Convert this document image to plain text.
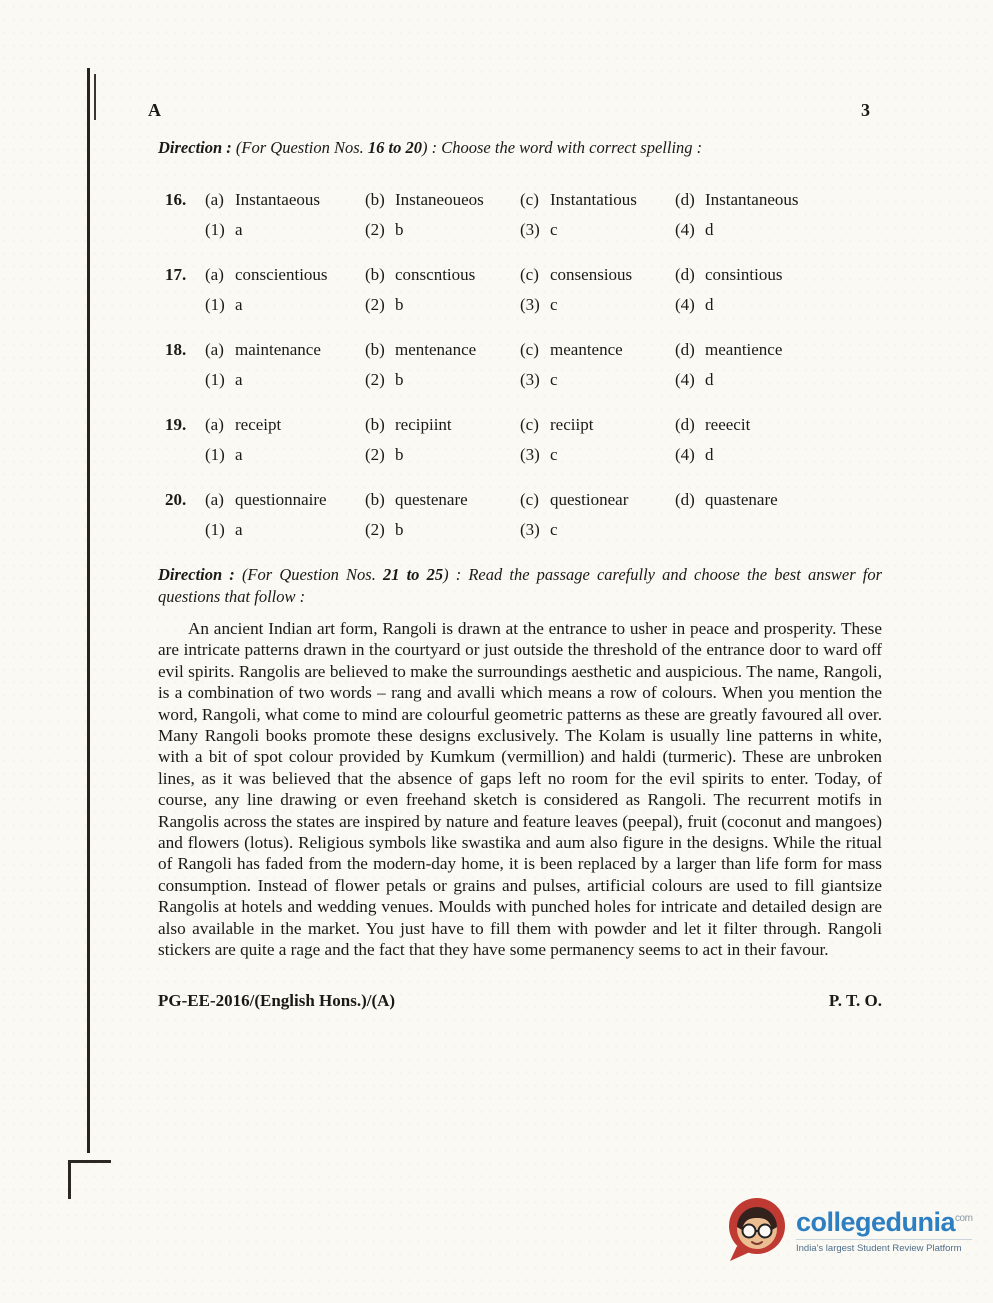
A	3

Direction : (For Question Nos. 16 to 20) : Choose the word with correct spelling :

16.	(a) Instantaeous	(b) Instaneoueos	(c) Instantatious	(d) Instantaneous
(1) a	(2) b	(3) c	(4) d
17.	(a) conscientious	(b) conscntious	(c) consensious	(d) consintious
(1) a	(2) b	(3) c	(4) d
18.	(a) maintenance	(b) mentenance	(c) meantence	(d) meantience
(1) a	(2) b	(3) c	(4) d
19.	(a) receipt	(b) recipiint	(c) reciipt	(d) reeecit
(1) a	(2) b	(3) c	(4) d
20.	(a) questionnaire	(b) questenare	(c) questionear	(d) quastenare
(1) a	(2) b	(3) c

Direction : (For Question Nos. 21 to 25) : Read the passage carefully and choose the best answer for questions that follow :

An ancient Indian art form, Rangoli is drawn at the entrance to usher in peace and prosperity. These are intricate patterns drawn in the courtyard or just outside the threshold of the entrance door to ward off evil spirits. Rangolis are believed to make the surroundings aesthetic and auspicious. The name, Rangoli, is a combination of two words – rang and avalli which means a row of colours. When you mention the word, Rangoli, what come to mind are colourful geometric patterns as these are greatly favoured all over. Many Rangoli books promote these designs exclusively. The Kolam is usually line patterns in white, with a bit of spot colour provided by Kumkum (vermillion) and haldi (turmeric). These are unbroken lines, as it was believed that the absence of gaps left no room for the evil spirits to enter. Today, of course, any line drawing or even freehand sketch is considered as Rangoli. The recurrent motifs in Rangolis across the states are inspired by nature and feature leaves (peepal), fruit (coconut and mangoes) and flowers (lotus). Religious symbols like swastika and aum also figure in the designs. While the ritual of Rangoli has faded from the modern-day home, it is been replaced by a larger than life form for mass consumption. Instead of flower petals or grains and pulses, artificial colours are used to fill giantsize Rangolis at hotels and wedding venues. Moulds with punched holes for intricate and detailed design are also available in the market. You just have to fill them with powder and let it filter through. Rangoli stickers are quite a rage and the fact that they have some permanency seems to act in their favour.

PG-EE-2016/(English Hons.)/(A)	P. T. O.
collegedunia$^{com}$
India's largest Student Review Platform
